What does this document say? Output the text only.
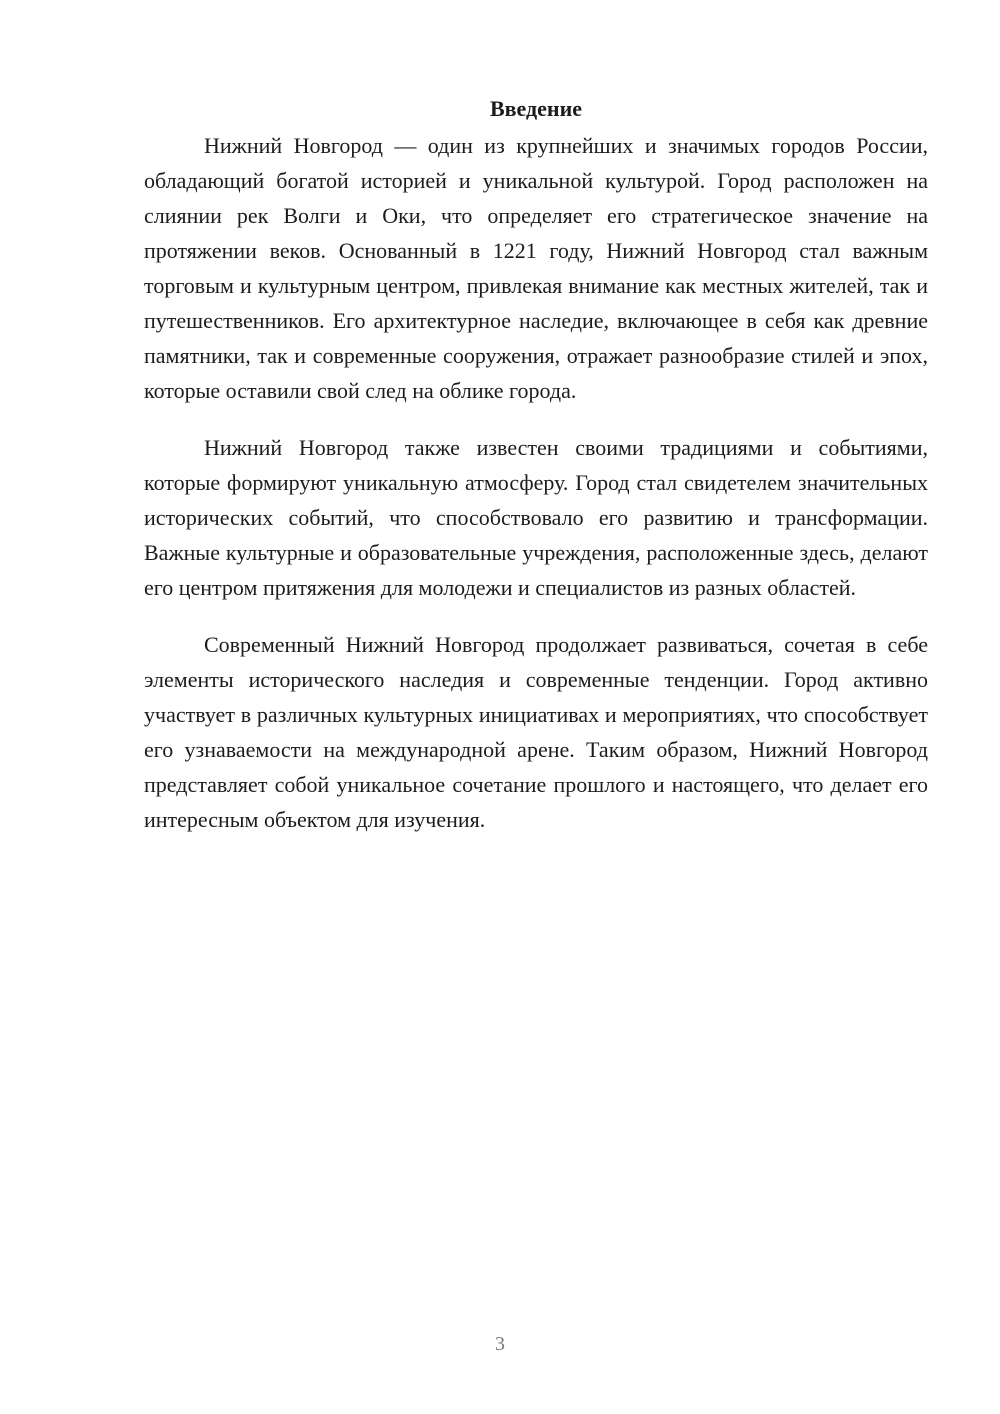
Введение

Нижний Новгород — один из крупнейших и значимых городов России, обладающий богатой историей и уникальной культурой. Город расположен на слиянии рек Волги и Оки, что определяет его стратегическое значение на протяжении веков. Основанный в 1221 году, Нижний Новгород стал важным торговым и культурным центром, привлекая внимание как местных жителей, так и путешественников. Его архитектурное наследие, включающее в себя как древние памятники, так и современные сооружения, отражает разнообразие стилей и эпох, которые оставили свой след на облике города.

Нижний Новгород также известен своими традициями и событиями, которые формируют уникальную атмосферу. Город стал свидетелем значительных исторических событий, что способствовало его развитию и трансформации. Важные культурные и образовательные учреждения, расположенные здесь, делают его центром притяжения для молодежи и специалистов из разных областей.

Современный Нижний Новгород продолжает развиваться, сочетая в себе элементы исторического наследия и современные тенденции. Город активно участвует в различных культурных инициативах и мероприятиях, что способствует его узнаваемости на международной арене. Таким образом, Нижний Новгород представляет собой уникальное сочетание прошлого и настоящего, что делает его интересным объектом для изучения.

3
